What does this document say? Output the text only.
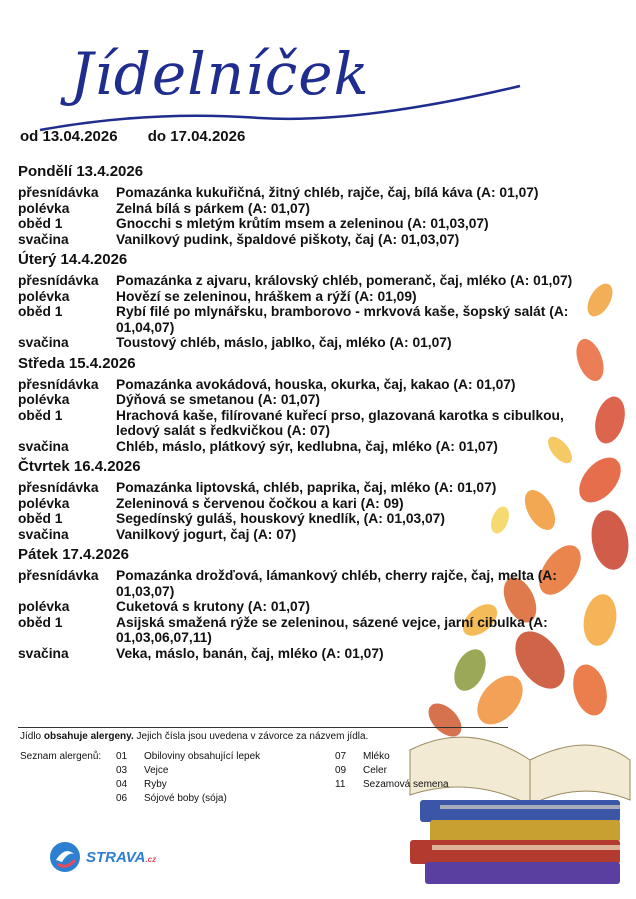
Jídelníček
od 13.04.2026 do 17.04.2026
Pondělí 13.4.2026
přesnídávka	Pomazánka kukuřičná, žitný chléb, rajče, čaj, bílá káva (A: 01,07)
polévka	Zelná bílá s párkem (A: 01,07)
oběd 1	Gnocchi s mletým krůtím msem a zeleninou (A: 01,03,07)
svačina	Vanilkový pudink, špaldové piškoty, čaj (A: 01,03,07)
Úterý 14.4.2026
přesnídávka	Pomazánka z ajvaru, královský chléb, pomeranč, čaj, mléko (A: 01,07)
polévka	Hovězí se zeleninou, hráškem a rýží (A: 01,09)
oběd 1	Rybí filé po mlynářsku, bramborovo - mrkvová kaše, šopský salát (A: 01,04,07)
svačina	Toustový chléb, máslo, jablko, čaj, mléko (A: 01,07)
Středa 15.4.2026
přesnídávka	Pomazánka avokádová, houska, okurka, čaj, kakao (A: 01,07)
polévka	Dýňová se smetanou (A: 01,07)
oběd 1	Hrachová kaše, filírované kuřecí prso, glazovaná karotka s cibulkou, ledový salát s ředkvičkou (A: 07)
svačina	Chléb, máslo, plátkový sýr, kedlubna, čaj, mléko (A: 01,07)
Čtvrtek 16.4.2026
přesnídávka	Pomazánka liptovská, chléb, paprika, čaj, mléko (A: 01,07)
polévka	Zeleninová s červenou čočkou a kari (A: 09)
oběd 1	Segedínský guláš, houskový knedlík, (A: 01,03,07)
svačina	Vanilkový jogurt, čaj (A: 07)
Pátek 17.4.2026
přesnídávka	Pomazánka drožďová, lámankový chléb, cherry rajče, čaj, melta (A: 01,03,07)
polévka	Cuketová s krutony (A: 01,07)
oběd 1	Asijská smažená rýže se zeleninou, sázené vejce, jarní cibulka (A: 01,03,06,07,11)
svačina	Veka, máslo, banán, čaj, mléko (A: 01,07)
Jídlo obsahuje alergeny. Jejich čísla jsou uvedena v závorce za názvem jídla.
Seznam alergenů:	01	Obiloviny obsahující lepek
03	Vejce
04	Ryby
06	Sójové boby (sója)
07	Mléko
09	Celer
11	Sezamová semena
STRAVA.cz
